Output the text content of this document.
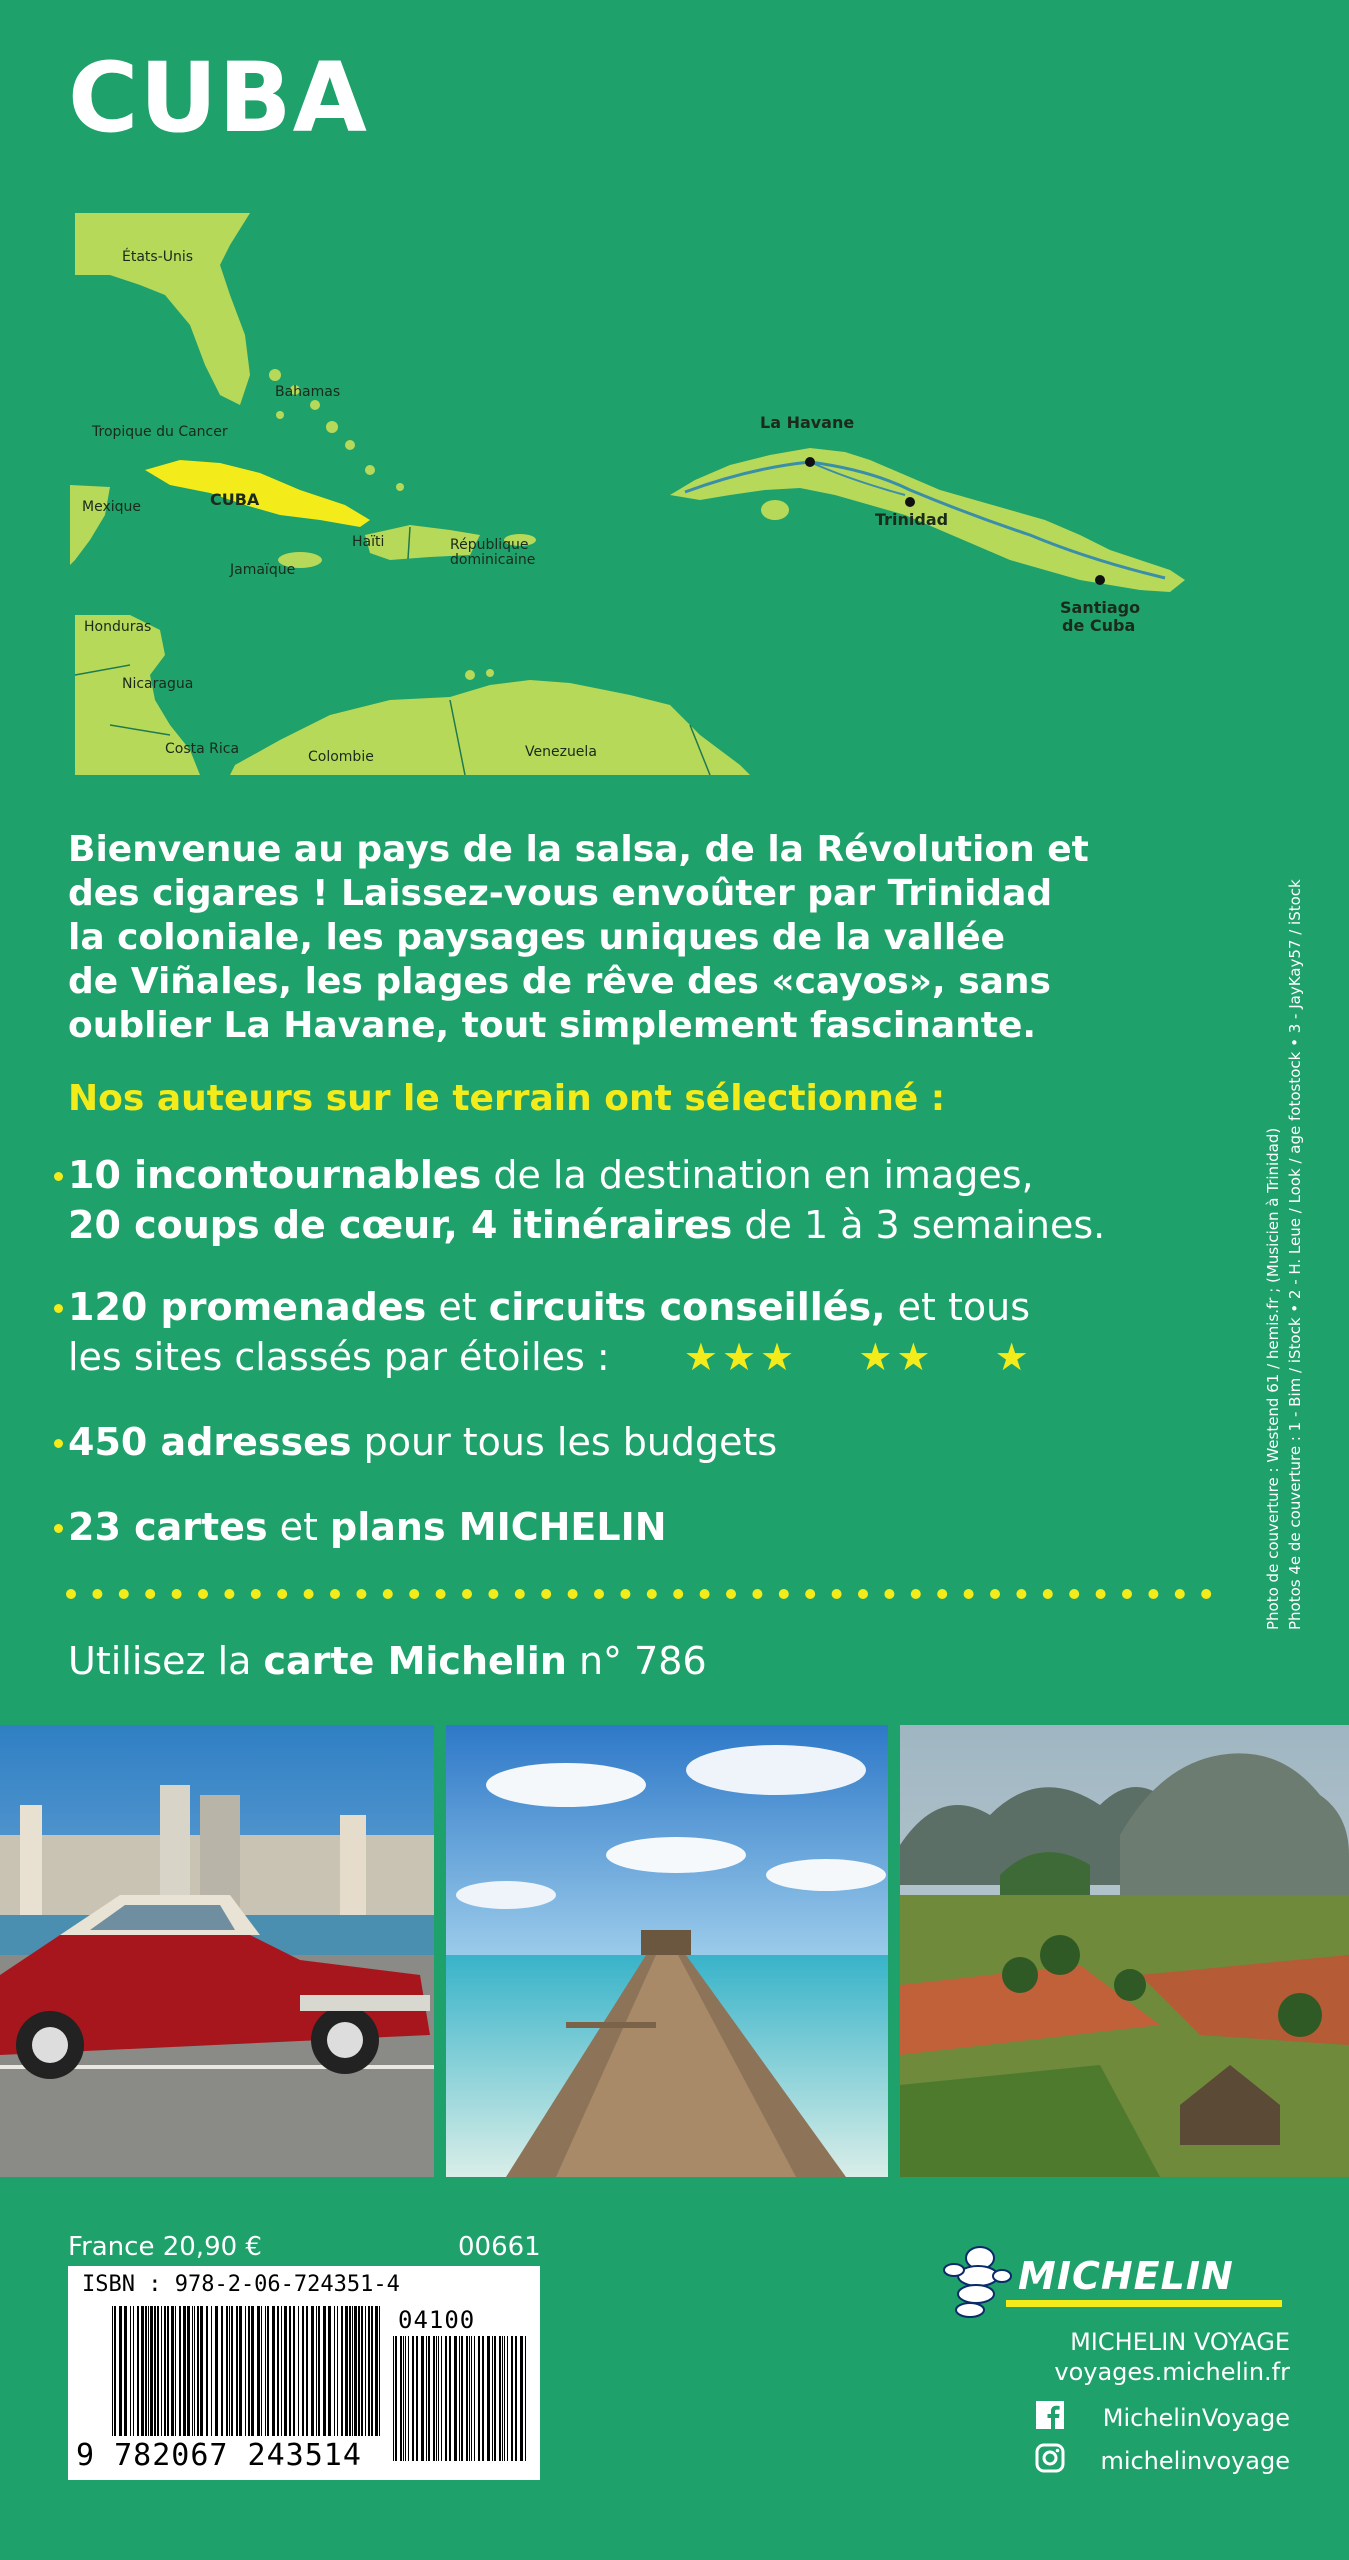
CUBA
États-Unis
Bahamas
Tropique du Cancer
CUBA
Mexique
Haïti	République
dominicaine
Jamaïque
Honduras
Nicaragua
Costa Rica	Colombie	Venezuela
La Havane
Trinidad
Santiago
de Cuba
Photo de couverture : Westend 61 / hemis.fr ; (Musicien à Trinidad) Photos 4e de couverture : 1 - Bim / iStock • 2 - H. Leue / Look / age fotostock • 3 - JayKay57 / iStock
Bienvenue au pays de la salsa, de la Révolution et
des cigares ! Laissez-vous envoûter par Trinidad
la coloniale, les paysages uniques de la vallée
de Viñales, les plages de rêve des «cayos», sans
oublier La Havane, tout simplement fascinante.
Nos auteurs sur le terrain ont sélectionné :
10 incontournables de la destination en images,
20 coups de cœur, 4 itinéraires de 1 à 3 semaines.
120 promenades et circuits conseillés, et tous
les sites classés par étoiles : ★★★ ★★ ★
450 adresses pour tous les budgets
23 cartes et plans MICHELIN
Utilisez la carte Michelin n° 786
France 20,90 €	00661
ISBN : 978-2-06-724351-4
04100
9 782067 243514
MICHELIN
MICHELIN VOYAGE
voyages.michelin.fr
MichelinVoyage
michelinvoyage
